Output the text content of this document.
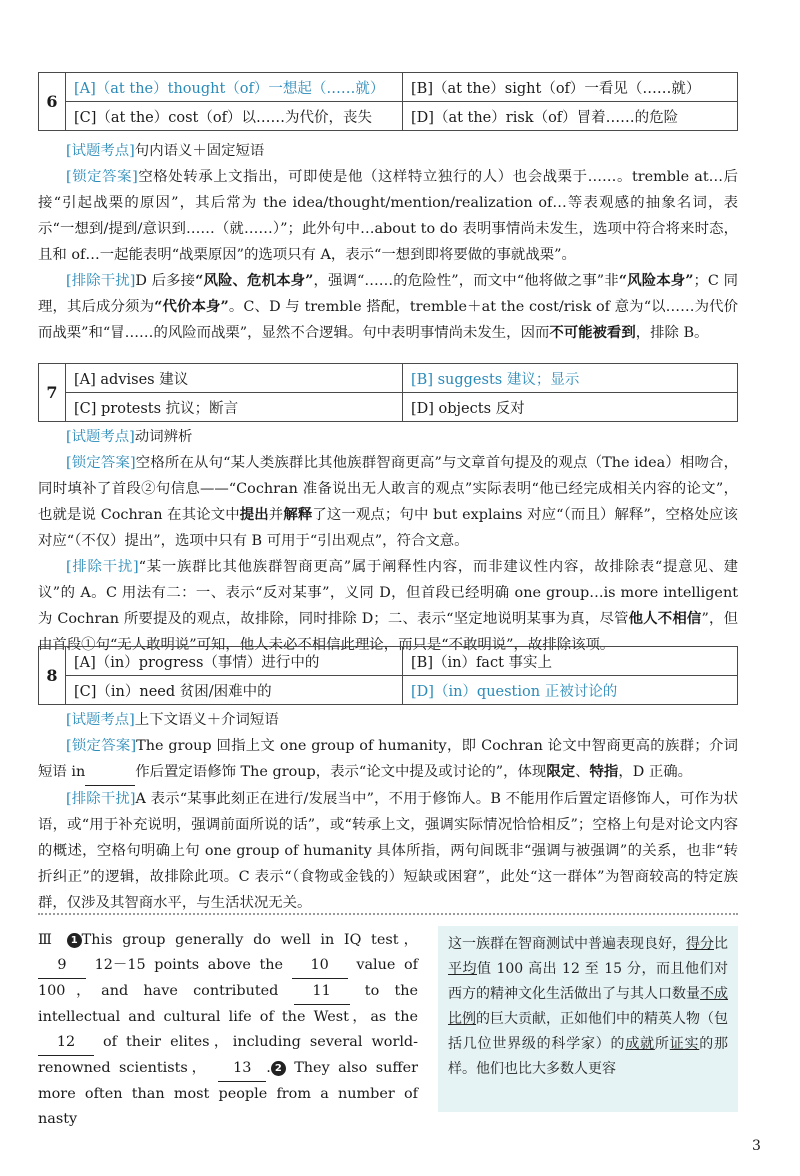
6	[A]（at the）thought（of）一想起（……就）	[B]（at the）sight（of）一看见（……就）
	[C]（at the）cost（of）以……为代价，丧失	[D]（at the）risk（of）冒着……的危险

[试题考点]句内语义＋固定短语

[锁定答案]空格处转承上文指出，可即使是他（这样特立独行的人）也会战栗于……。tremble at…后接“引起战栗的原因”，其后常为 the idea/thought/mention/realization of…等表观感的抽象名词，表示“一想到/提到/意识到……（就……）”；此外句中…about to do 表明事情尚未发生，选项中符合将来时态，且和 of…一起能表明“战栗原因”的选项只有 A，表示“一想到即将要做的事就战栗”。

[排除干扰]D 后多接“风险、危机本身”，强调“……的危险性”，而文中“他将做之事”非“风险本身”；C 同理，其后成分须为“代价本身”。C、D 与 tremble 搭配，tremble＋at the cost/risk of 意为“以……为代价而战栗”和“冒……的风险而战栗”，显然不合逻辑。句中表明事情尚未发生，因而不可能被看到，排除 B。

7	[A] advises 建议	[B] suggests 建议；显示
	[C] protests 抗议；断言	[D] objects 反对

[试题考点]动词辨析

[锁定答案]空格所在从句“某人类族群比其他族群智商更高”与文章首句提及的观点（The idea）相吻合，同时填补了首段②句信息——“Cochran 准备说出无人敢言的观点”实际表明“他已经完成相关内容的论文”，也就是说 Cochran 在其论文中提出并解释了这一观点；句中 but explains 对应“（而且）解释”，空格处应该对应“（不仅）提出”，选项中只有 B 可用于“引出观点”，符合文意。

[排除干扰]“某一族群比其他族群智商更高”属于阐释性内容，而非建议性内容，故排除表“提意见、建议”的 A。C 用法有二：一、表示“反对某事”，义同 D，但首段已经明确 one group…is more intelligent 为 Cochran 所要提及的观点，故排除，同时排除 D；二、表示“坚定地说明某事为真，尽管他人不相信”，但由首段①句“无人敢明说”可知，他人未必不相信此理论，而只是“不敢明说”，故排除该项。

8	[A]（in）progress（事情）进行中的	[B]（in）fact 事实上
	[C]（in）need 贫困/困难中的	[D]（in）question 正被讨论的

[试题考点]上下文语义＋介词短语

[锁定答案]The group 回指上文 one group of humanity，即 Cochran 论文中智商更高的族群；介词短语 in	作后置定语修饰 The group，表示“论文中提及或讨论的”，体现限定、特指，D 正确。

[排除干扰]A 表示“某事此刻正在进行/发展当中”，不用于修饰人。B 不能用作后置定语修饰人，可作为状语，或“用于补充说明，强调前面所说的话”，或“转承上文，强调实际情况恰恰相反”；空格上句是对论文内容的概述，空格句明确上句 one group of humanity 具体所指，两句间既非“强调与被强调”的关系，也非“转折纠正”的逻辑，故排除此项。C 表示“（食物或金钱的）短缺或困窘”，此处“这一群体”为智商较高的特定族群，仅涉及其智商水平，与生活状况无关。

Ⅲ 1 This group generally do well in IQ test， 9 12－15 points above the 10 value of 100，and have contributed 11 to the intellectual and cultural life of the West，as the 12 of their elites，including several world-renowned scientists， 13 . 2 They also suffer more often than most people from a number of nasty
这一族群在智商测试中普遍表现良好，得分比平均值 100 高出 12 至 15 分，而且他们对西方的精神文化生活做出了与其人口数量不成比例的巨大贡献，正如他们中的精英人物（包括几位世界级的科学家）的成就所证实的那样。他们也比大多数人更容
3
